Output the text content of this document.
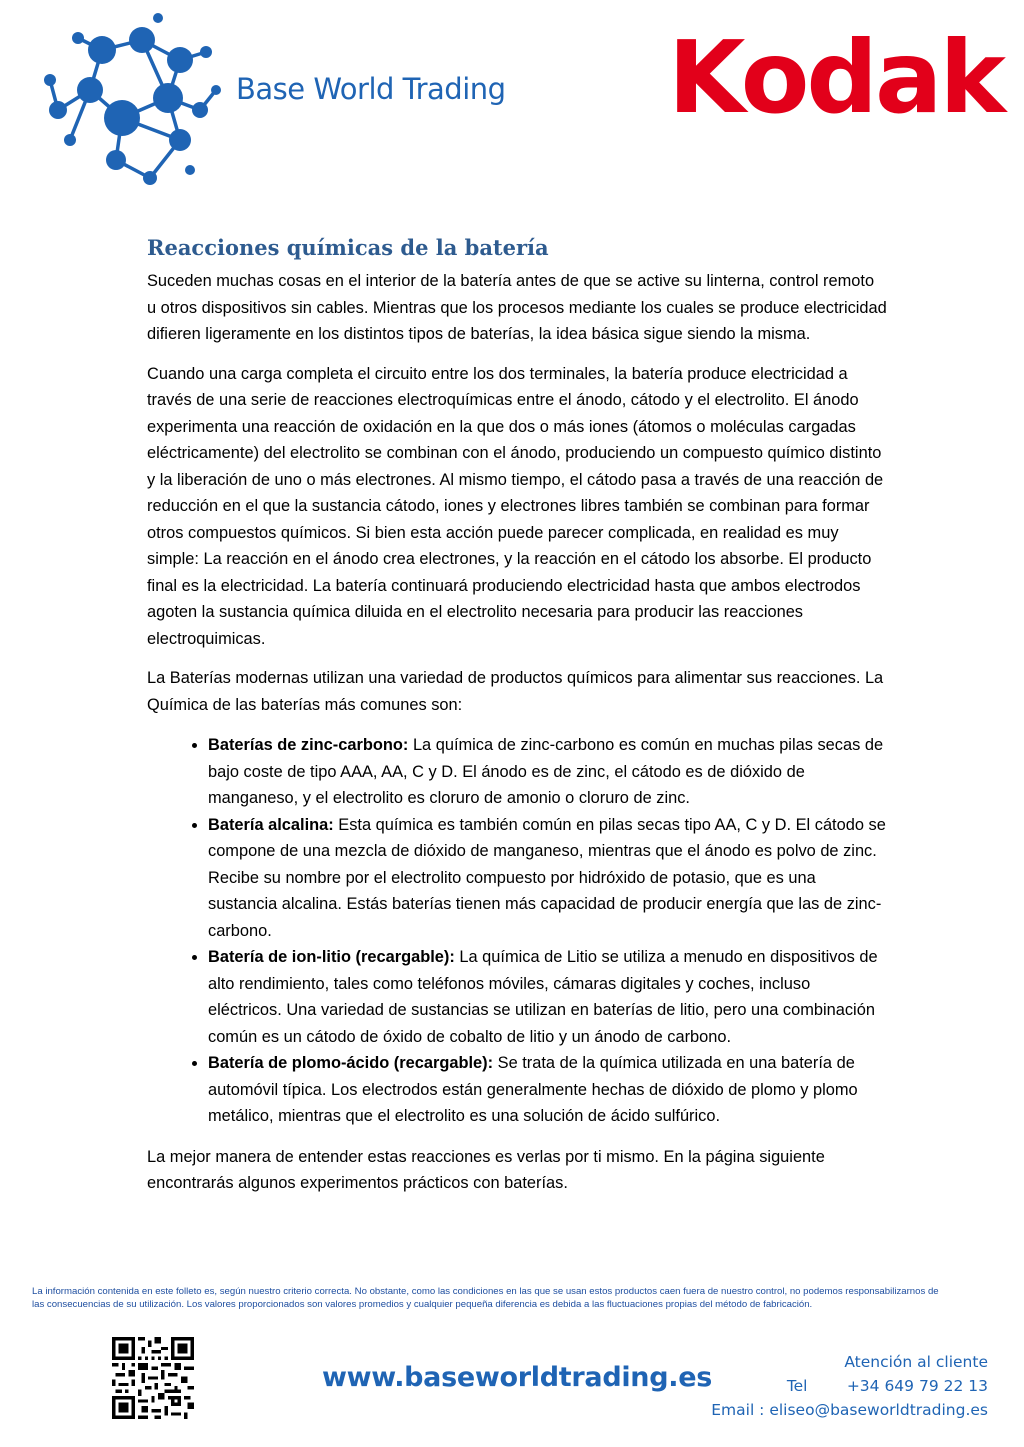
Base World Trading Kodak
Reacciones químicas de la batería

Suceden muchas cosas en el interior de la batería antes de que se active su linterna, control remoto u otros dispositivos sin cables. Mientras que los procesos mediante los cuales se produce electricidad difieren ligeramente en los distintos tipos de baterías, la idea básica sigue siendo la misma.

Cuando una carga completa el circuito entre los dos terminales, la batería produce electricidad a través de una serie de reacciones electroquímicas entre el ánodo, cátodo y el electrolito. El ánodo experimenta una reacción de oxidación en la que dos o más iones (átomos o moléculas cargadas eléctricamente) del electrolito se combinan con el ánodo, produciendo un compuesto químico distinto y la liberación de uno o más electrones. Al mismo tiempo, el cátodo pasa a través de una reacción de reducción en el que la sustancia cátodo, iones y electrones libres también se combinan para formar otros compuestos químicos. Si bien esta acción puede parecer complicada, en realidad es muy simple: La reacción en el ánodo crea electrones, y la reacción en el cátodo los absorbe. El producto final es la electricidad. La batería continuará produciendo electricidad hasta que ambos electrodos agoten la sustancia química diluida en el electrolito necesaria para producir las reacciones electroquimicas.

La Baterías modernas utilizan una variedad de productos químicos para alimentar sus reacciones. La Química de las baterías más comunes son:

• Baterías de zinc-carbono: La química de zinc-carbono es común en muchas pilas secas de bajo coste de tipo AAA, AA, C y D. El ánodo es de zinc, el cátodo es de dióxido de manganeso, y el electrolito es cloruro de amonio o cloruro de zinc.
• Batería alcalina: Esta química es también común en pilas secas tipo AA, C y D. El cátodo se compone de una mezcla de dióxido de manganeso, mientras que el ánodo es polvo de zinc. Recibe su nombre por el electrolito compuesto por hidróxido de potasio, que es una sustancia alcalina. Estás baterías tienen más capacidad de producir energía que las de zinc-carbono.
• Batería de ion-litio (recargable): La química de Litio se utiliza a menudo en dispositivos de alto rendimiento, tales como teléfonos móviles, cámaras digitales y coches, incluso eléctricos. Una variedad de sustancias se utilizan en baterías de litio, pero una combinación común es un cátodo de óxido de cobalto de litio y un ánodo de carbono.
• Batería de plomo-ácido (recargable): Se trata de la química utilizada en una batería de automóvil típica. Los electrodos están generalmente hechas de dióxido de plomo y plomo metálico, mientras que el electrolito es una solución de ácido sulfúrico.

La mejor manera de entender estas reacciones es verlas por ti mismo. En la página siguiente encontrarás algunos experimentos prácticos con baterías.

La información contenida en este folleto es, según nuestro criterio correcta. No obstante, como las condiciones en las que se usan estos productos caen fuera de nuestro control, no podemos responsabilizarnos de
las consecuencias de su utilización. Los valores proporcionados son valores promedios y cualquier pequeña diferencia es debida a las fluctuaciones propias del método de fabricación.
www.baseworldtrading.es	Atención al cliente
Tel	+34 649 79 22 13
Email : eliseo@baseworldtrading.es
